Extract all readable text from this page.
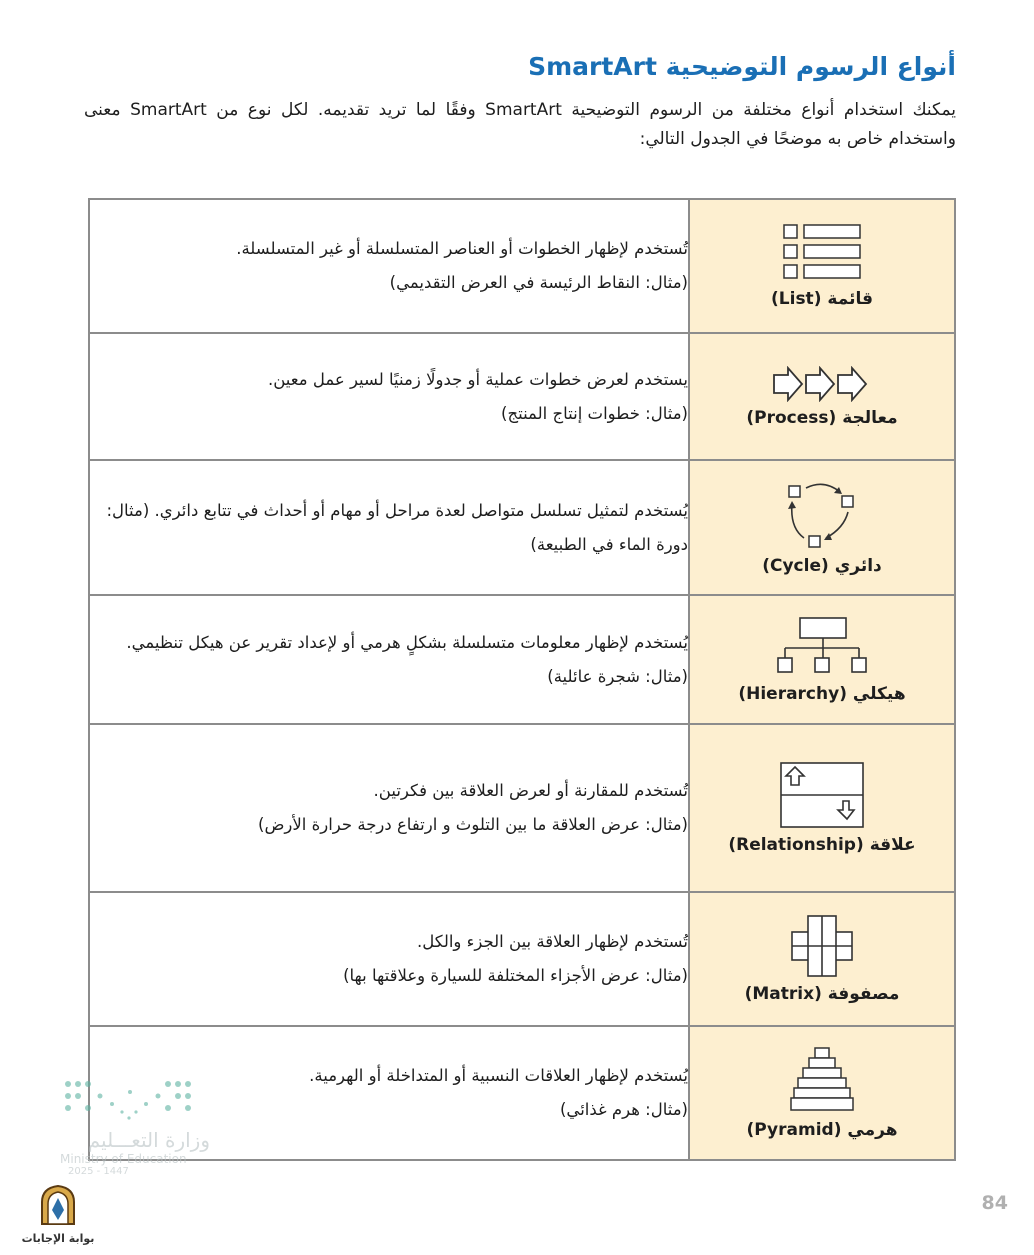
أنواع الرسوم التوضيحية SmartArt

يمكنك استخدام أنواع مختلفة من الرسوم التوضيحية SmartArt وفقًا لما تريد تقديمه. لكل نوع من SmartArt معنى واستخدام خاص به موضحًا في الجدول التالي:

قائمة (List)	تُستخدم لإظهار الخطوات أو العناصر المتسلسلة أو غير المتسلسلة.
(مثال: النقاط الرئيسة في العرض التقديمي)

معالجة (Process)	يستخدم لعرض خطوات عملية أو جدولًا زمنيًا لسير عمل معين.
(مثال: خطوات إنتاج المنتج)

دائري (Cycle)	يُستخدم لتمثيل تسلسل متواصل لعدة مراحل أو مهام أو أحداث في تتابع دائري. (مثال: دورة الماء في الطبيعة)

هيكلي (Hierarchy)	يُستخدم لإظهار معلومات متسلسلة بشكلٍ هرمي أو لإعداد تقرير عن هيكل تنظيمي. (مثال: شجرة عائلية)

علاقة (Relationship)	تُستخدم للمقارنة أو لعرض العلاقة بين فكرتين.
(مثال: عرض العلاقة ما بين التلوث و ارتفاع درجة حرارة الأرض)

مصفوفة (Matrix)	تُستخدم لإظهار العلاقة بين الجزء والكل.
(مثال: عرض الأجزاء المختلفة للسيارة وعلاقتها بها)

هرمي (Pyramid)	يُستخدم لإظهار العلاقات النسبية أو المتداخلة أو الهرمية.
(مثال: هرم غذائي)
وزارة التعـــليم
Ministry of Education
2025 - 1447
بوابة الإجابات
84
